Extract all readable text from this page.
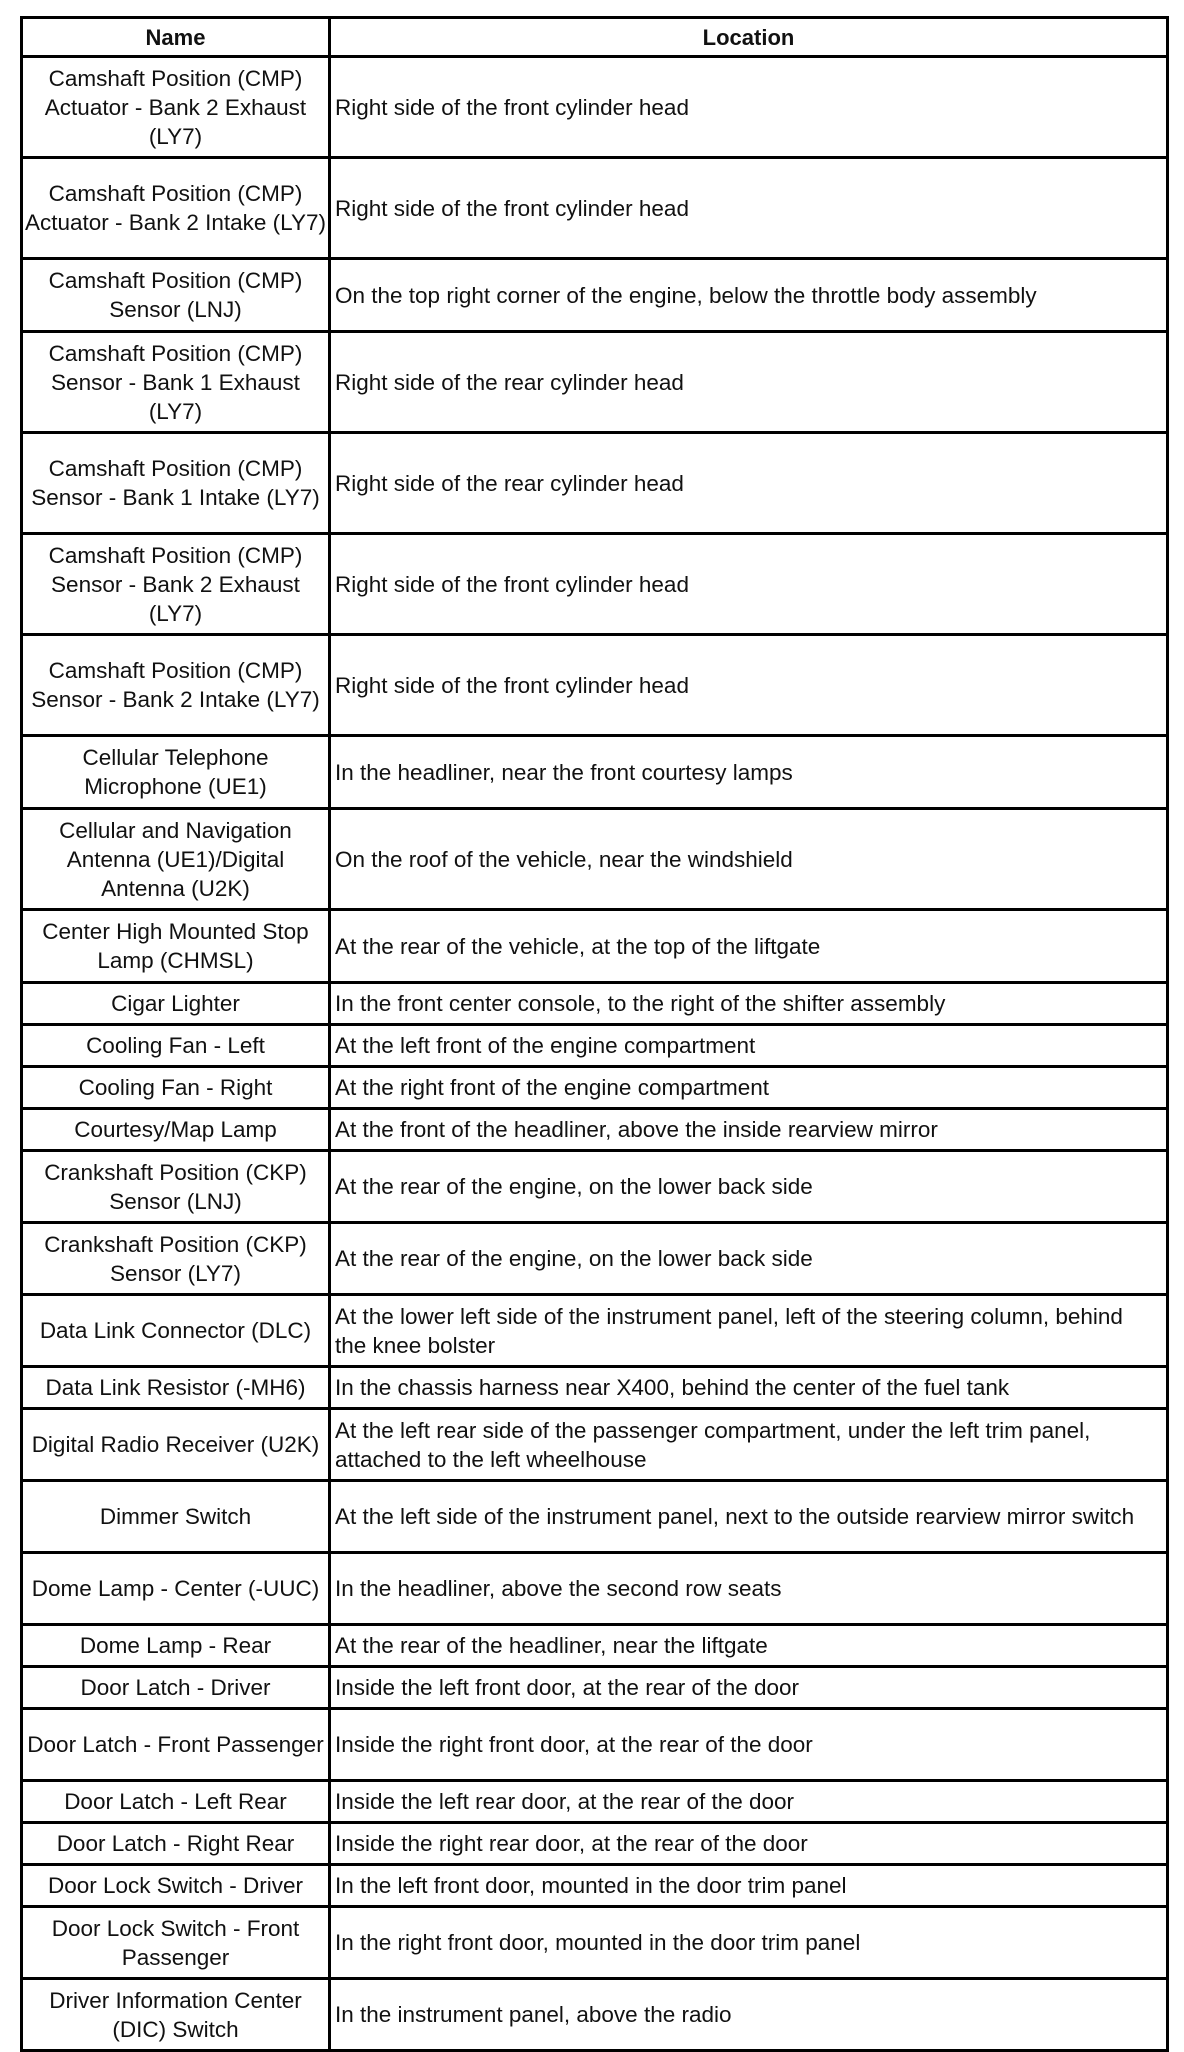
Name	Location
Camshaft Position (CMP) Actuator - Bank 2 Exhaust (LY7)	Right side of the front cylinder head
Camshaft Position (CMP) Actuator - Bank 2 Intake (LY7)	Right side of the front cylinder head
Camshaft Position (CMP) Sensor (LNJ)	On the top right corner of the engine, below the throttle body assembly
Camshaft Position (CMP) Sensor - Bank 1 Exhaust (LY7)	Right side of the rear cylinder head
Camshaft Position (CMP) Sensor - Bank 1 Intake (LY7)	Right side of the rear cylinder head
Camshaft Position (CMP) Sensor - Bank 2 Exhaust (LY7)	Right side of the front cylinder head
Camshaft Position (CMP) Sensor - Bank 2 Intake (LY7)	Right side of the front cylinder head
Cellular Telephone Microphone (UE1)	In the headliner, near the front courtesy lamps
Cellular and Navigation Antenna (UE1)/Digital Antenna (U2K)	On the roof of the vehicle, near the windshield
Center High Mounted Stop Lamp (CHMSL)	At the rear of the vehicle, at the top of the liftgate
Cigar Lighter	In the front center console, to the right of the shifter assembly
Cooling Fan - Left	At the left front of the engine compartment
Cooling Fan - Right	At the right front of the engine compartment
Courtesy/Map Lamp	At the front of the headliner, above the inside rearview mirror
Crankshaft Position (CKP) Sensor (LNJ)	At the rear of the engine, on the lower back side
Crankshaft Position (CKP) Sensor (LY7)	At the rear of the engine, on the lower back side
Data Link Connector (DLC)	At the lower left side of the instrument panel, left of the steering column, behind the knee bolster
Data Link Resistor (-MH6)	In the chassis harness near X400, behind the center of the fuel tank
Digital Radio Receiver (U2K)	At the left rear side of the passenger compartment, under the left trim panel, attached to the left wheelhouse
Dimmer Switch	At the left side of the instrument panel, next to the outside rearview mirror switch
Dome Lamp - Center (-UUC)	In the headliner, above the second row seats
Dome Lamp - Rear	At the rear of the headliner, near the liftgate
Door Latch - Driver	Inside the left front door, at the rear of the door
Door Latch - Front Passenger	Inside the right front door, at the rear of the door
Door Latch - Left Rear	Inside the left rear door, at the rear of the door
Door Latch - Right Rear	Inside the right rear door, at the rear of the door
Door Lock Switch - Driver	In the left front door, mounted in the door trim panel
Door Lock Switch - Front Passenger	In the right front door, mounted in the door trim panel
Driver Information Center (DIC) Switch	In the instrument panel, above the radio
